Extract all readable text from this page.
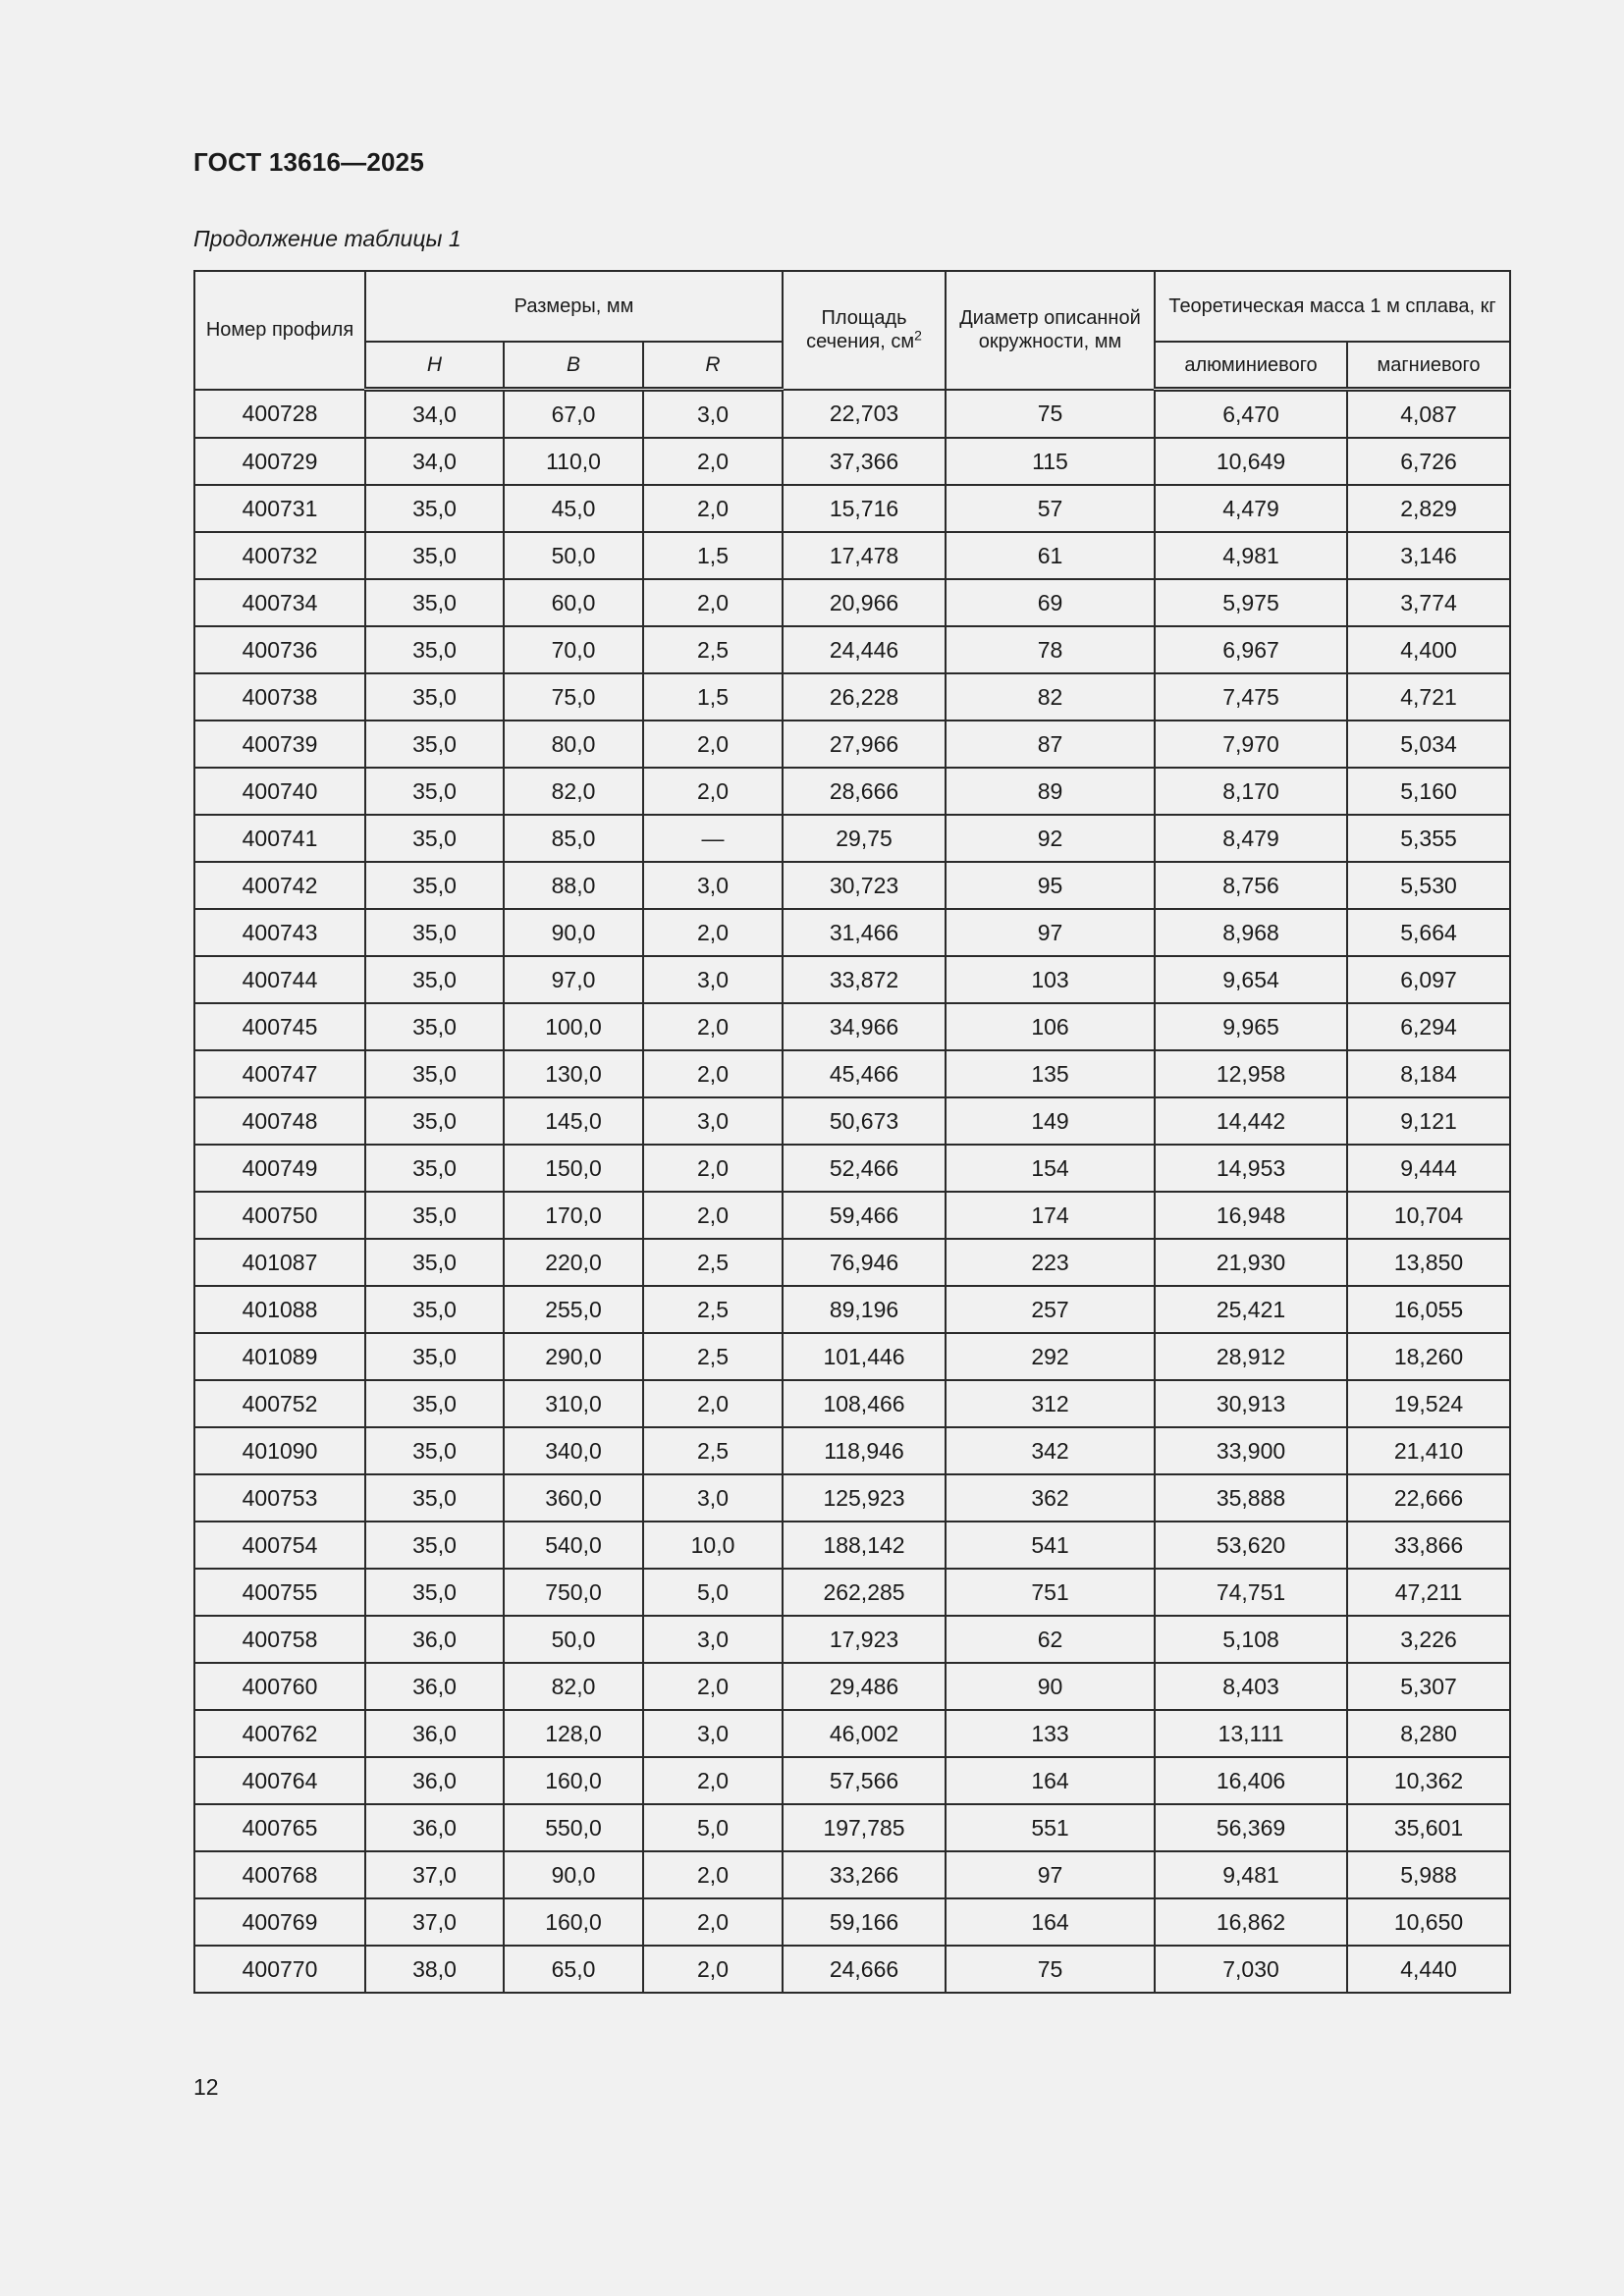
ГОСТ 13616—2025
Продолжение таблицы 1
Номер профиля	Размеры, мм			Площадь сечения, $см^2$	Диаметр описанной окружности, мм	Теоретическая масса 1 м сплава, кг	
	H	B	R			алюминиевого	магниевого
400728	34,0	67,0	3,0	22,703	75	6,470	4,087
400729	34,0	110,0	2,0	37,366	115	10,649	6,726
400731	35,0	45,0	2,0	15,716	57	4,479	2,829
400732	35,0	50,0	1,5	17,478	61	4,981	3,146
400734	35,0	60,0	2,0	20,966	69	5,975	3,774
400736	35,0	70,0	2,5	24,446	78	6,967	4,400
400738	35,0	75,0	1,5	26,228	82	7,475	4,721
400739	35,0	80,0	2,0	27,966	87	7,970	5,034
400740	35,0	82,0	2,0	28,666	89	8,170	5,160
400741	35,0	85,0	—	29,75	92	8,479	5,355
400742	35,0	88,0	3,0	30,723	95	8,756	5,530
400743	35,0	90,0	2,0	31,466	97	8,968	5,664
400744	35,0	97,0	3,0	33,872	103	9,654	6,097
400745	35,0	100,0	2,0	34,966	106	9,965	6,294
400747	35,0	130,0	2,0	45,466	135	12,958	8,184
400748	35,0	145,0	3,0	50,673	149	14,442	9,121
400749	35,0	150,0	2,0	52,466	154	14,953	9,444
400750	35,0	170,0	2,0	59,466	174	16,948	10,704
401087	35,0	220,0	2,5	76,946	223	21,930	13,850
401088	35,0	255,0	2,5	89,196	257	25,421	16,055
401089	35,0	290,0	2,5	101,446	292	28,912	18,260
400752	35,0	310,0	2,0	108,466	312	30,913	19,524
401090	35,0	340,0	2,5	118,946	342	33,900	21,410
400753	35,0	360,0	3,0	125,923	362	35,888	22,666
400754	35,0	540,0	10,0	188,142	541	53,620	33,866
400755	35,0	750,0	5,0	262,285	751	74,751	47,211
400758	36,0	50,0	3,0	17,923	62	5,108	3,226
400760	36,0	82,0	2,0	29,486	90	8,403	5,307
400762	36,0	128,0	3,0	46,002	133	13,111	8,280
400764	36,0	160,0	2,0	57,566	164	16,406	10,362
400765	36,0	550,0	5,0	197,785	551	56,369	35,601
400768	37,0	90,0	2,0	33,266	97	9,481	5,988
400769	37,0	160,0	2,0	59,166	164	16,862	10,650
400770	38,0	65,0	2,0	24,666	75	7,030	4,440
12
